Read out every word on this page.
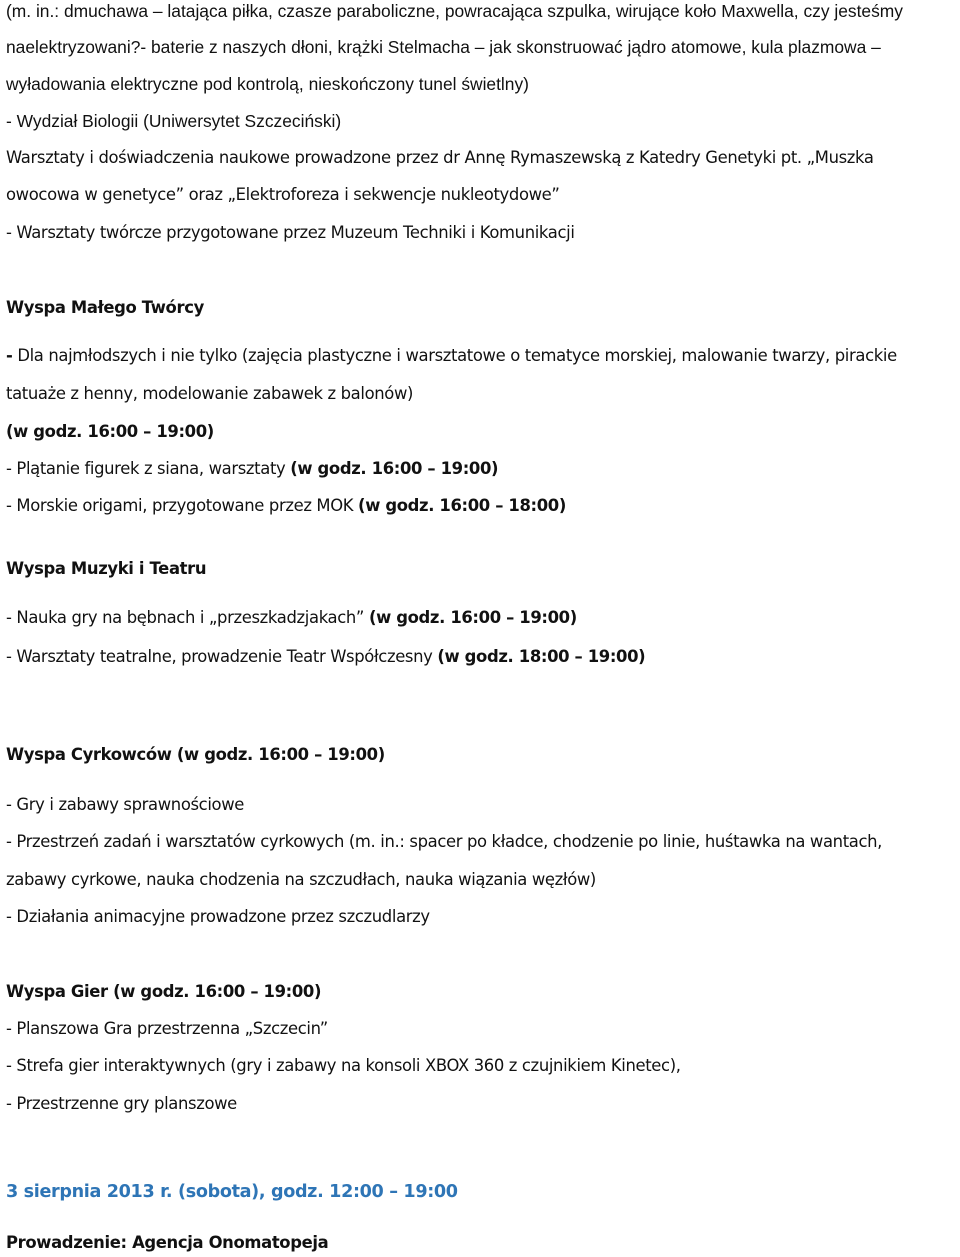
(m. in.: dmuchawa – latająca piłka, czasze paraboliczne, powracająca szpulka, wirujące koło Maxwella, czy jesteśmy
naelektryzowani?- baterie z naszych dłoni, krążki Stelmacha – jak skonstruować jądro atomowe, kula plazmowa –
wyładowania elektryczne pod kontrolą, nieskończony tunel świetlny)
- Wydział Biologii (Uniwersytet Szczeciński)
Warsztaty i doświadczenia naukowe prowadzone przez dr Annę Rymaszewską z Katedry Genetyki pt. „Muszka
owocowa w genetyce” oraz „Elektroforeza i sekwencje nukleotydowe”
- Warsztaty twórcze przygotowane przez Muzeum Techniki i Komunikacji
Wyspa Małego Twórcy
- Dla najmłodszych i nie tylko (zajęcia plastyczne i warsztatowe o tematyce morskiej, malowanie twarzy, pirackie
tatuaże z henny, modelowanie zabawek z balonów)
(w godz. 16:00 – 19:00)
- Plątanie figurek z siana, warsztaty (w godz. 16:00 – 19:00)
- Morskie origami, przygotowane przez MOK (w godz. 16:00 – 18:00)
Wyspa Muzyki i Teatru
- Nauka gry na bębnach i „przeszkadzjakach” (w godz. 16:00 – 19:00)
- Warsztaty teatralne, prowadzenie Teatr Współczesny (w godz. 18:00 – 19:00)
Wyspa Cyrkowców (w godz. 16:00 – 19:00)
- Gry i zabawy sprawnościowe
- Przestrzeń zadań i warsztatów cyrkowych (m. in.: spacer po kładce, chodzenie po linie, huśtawka na wantach,
zabawy cyrkowe, nauka chodzenia na szczudłach, nauka wiązania węzłów)
- Działania animacyjne prowadzone przez szczudlarzy
Wyspa Gier (w godz. 16:00 – 19:00)
- Planszowa Gra przestrzenna „Szczecin”
- Strefa gier interaktywnych (gry i zabawy na konsoli XBOX 360 z czujnikiem Kinetec),
- Przestrzenne gry planszowe
3 sierpnia 2013 r. (sobota), godz. 12:00 – 19:00
Prowadzenie: Agencja Onomatopeja
